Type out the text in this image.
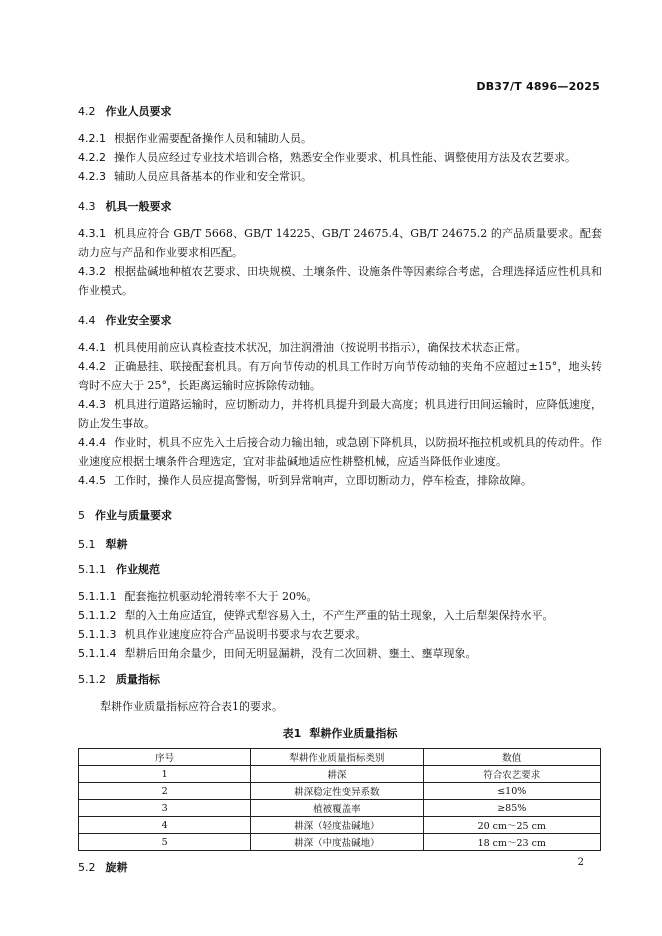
DB37/T 4896—2025

4.2 作业人员要求

4.2.1 根据作业需要配备操作人员和辅助人员。

4.2.2 操作人员应经过专业技术培训合格，熟悉安全作业要求、机具性能、调整使用方法及农艺要求。

4.2.3 辅助人员应具备基本的作业和安全常识。

4.3 机具一般要求

4.3.1 机具应符合 GB/T 5668、GB/T 14225、GB/T 24675.4、GB/T 24675.2 的产品质量要求。配套动力应与产品和作业要求相匹配。

4.3.2 根据盐碱地种植农艺要求、田块规模、土壤条件、设施条件等因素综合考虑，合理选择适应性机具和作业模式。

4.4 作业安全要求

4.4.1 机具使用前应认真检查技术状况，加注润滑油（按说明书指示），确保技术状态正常。

4.4.2 正确悬挂、联接配套机具。有万向节传动的机具工作时万向节传动轴的夹角不应超过±15°，地头转弯时不应大于 25°，长距离运输时应拆除传动轴。

4.4.3 机具进行道路运输时，应切断动力，并将机具提升到最大高度；机具进行田间运输时，应降低速度，防止发生事故。

4.4.4 作业时，机具不应先入土后接合动力输出轴，或急剧下降机具，以防损坏拖拉机或机具的传动件。作业速度应根据土壤条件合理选定，宜对非盐碱地适应性耕整机械，应适当降低作业速度。

4.4.5 工作时，操作人员应提高警惕，听到异常响声，立即切断动力，停车检查，排除故障。

5 作业与质量要求

5.1 犁耕

5.1.1 作业规范

5.1.1.1 配套拖拉机驱动轮滑转率不大于 20%。

5.1.1.2 犁的入土角应适宜，使铧式犁容易入土，不产生严重的钻土现象，入土后犁架保持水平。

5.1.1.3 机具作业速度应符合产品说明书要求与农艺要求。

5.1.1.4 犁耕后田角余量少，田间无明显漏耕，没有二次回耕、壅土、壅草现象。

5.1.2 质量指标

犁耕作业质量指标应符合表1的要求。

表1 犁耕作业质量指标
序号	犁耕作业质量指标类别	数值
1	耕深	符合农艺要求
2	耕深稳定性变异系数	≤10%
3	植被覆盖率	≥85%
4	耕深（轻度盐碱地）	20 cm～25 cm
5	耕深（中度盐碱地）	18 cm～23 cm

5.2 旋耕	2
